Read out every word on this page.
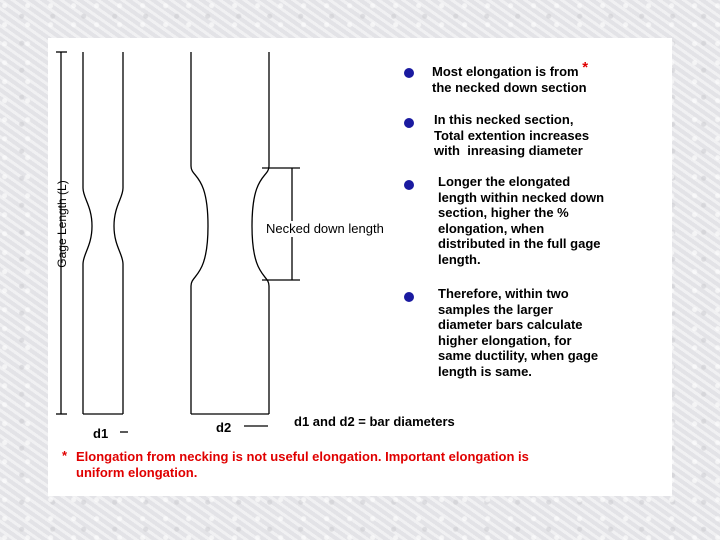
Gage Length (L)	Necked down length
d1	d2	d1 and d2 = bar diameters
Most elongation is from *
the necked down section
In this necked section,
Total extention increases
with  inreasing diameter
Longer the elongated
length within necked down
section, higher the %
elongation, when
distributed in the full gage
length.
Therefore, within two
samples the larger
diameter bars calculate
higher elongation, for
same ductility, when gage
length is same.
* Elongation from necking is not useful elongation. Important elongation is
uniform elongation.
